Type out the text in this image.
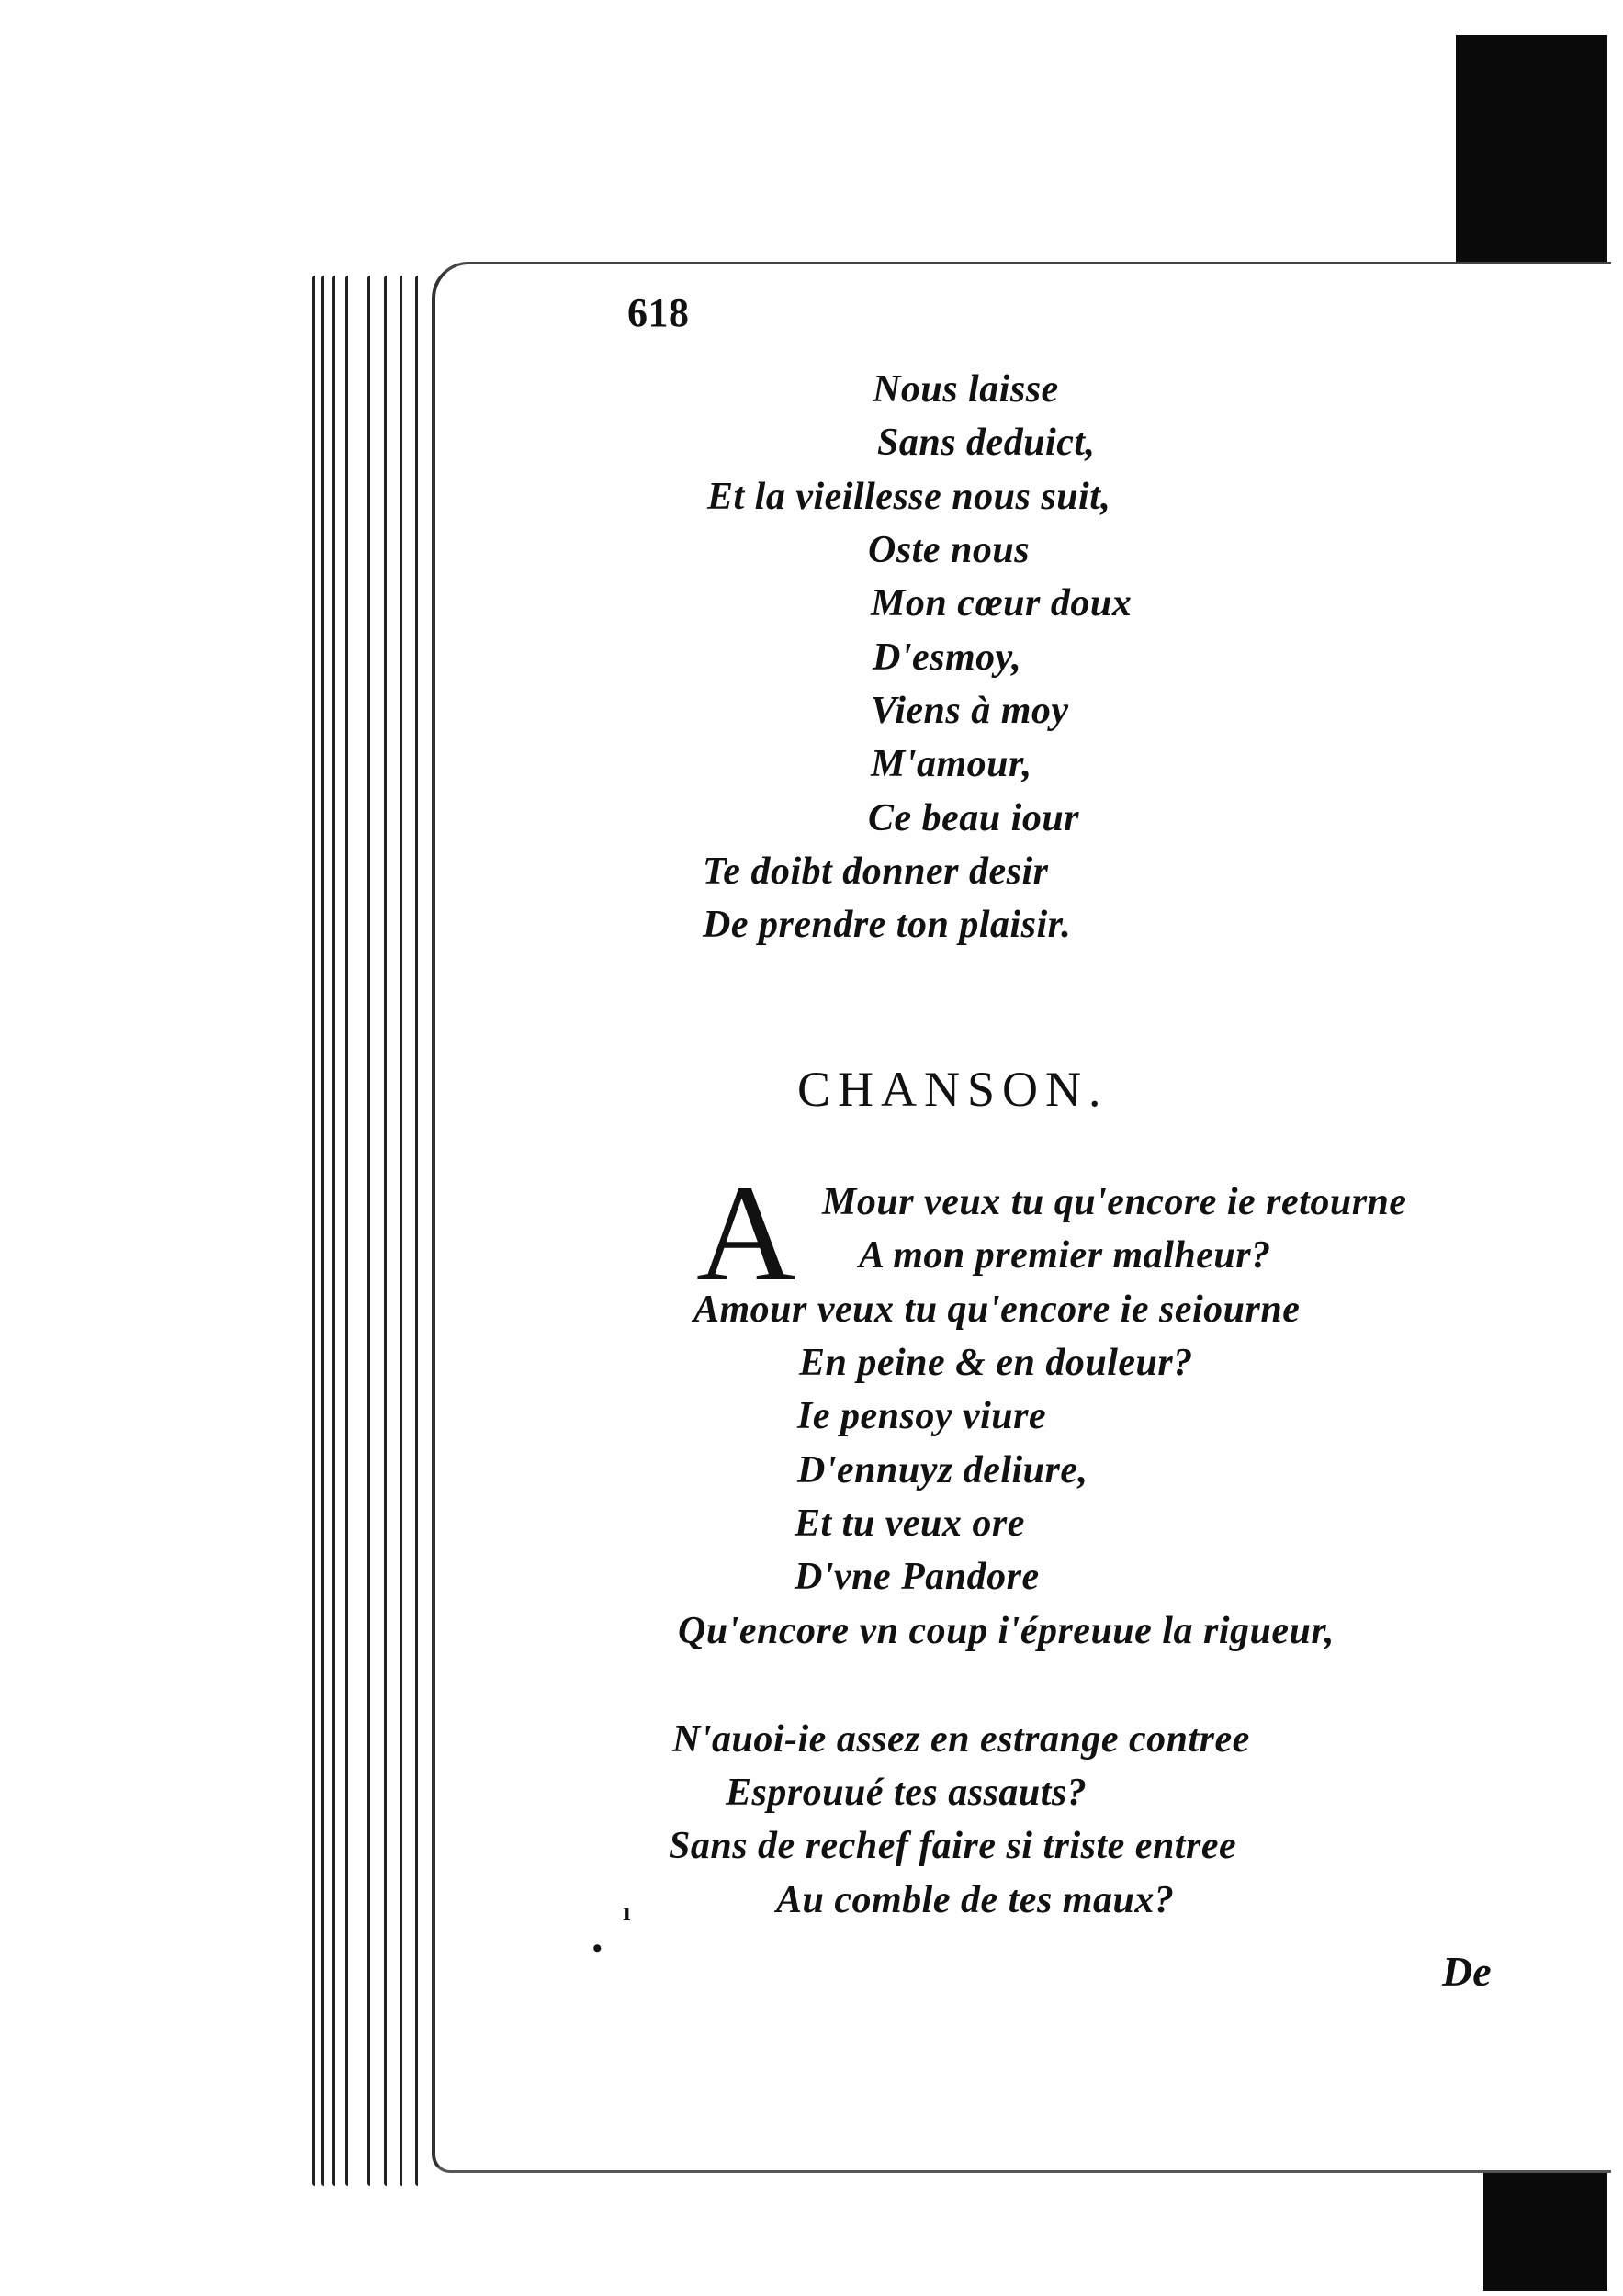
618
Nous laisse
Sans deduict,
Et la vieillesse nous suit,
Oste nous
Mon cœur doux
D'esmoy,
Viens à moy
M'amour,
Ce beau iour
Te doibt donner desir
De prendre ton plaisir.
CHANSON.
A Mour veux tu qu'encore ie retourne
A mon premier malheur?
Amour veux tu qu'encore ie seiourne
En peine & en douleur?
Ie pensoy viure
D'ennuyz deliure,
Et tu veux ore
D'vne Pandore
Qu'encore vn coup i'épreuue la rigueur,
N'auoi-ie assez en estrange contree
Esprouué tes assauts?
Sans de rechef faire si triste entree
Au comble de tes maux?
ı
•	De
